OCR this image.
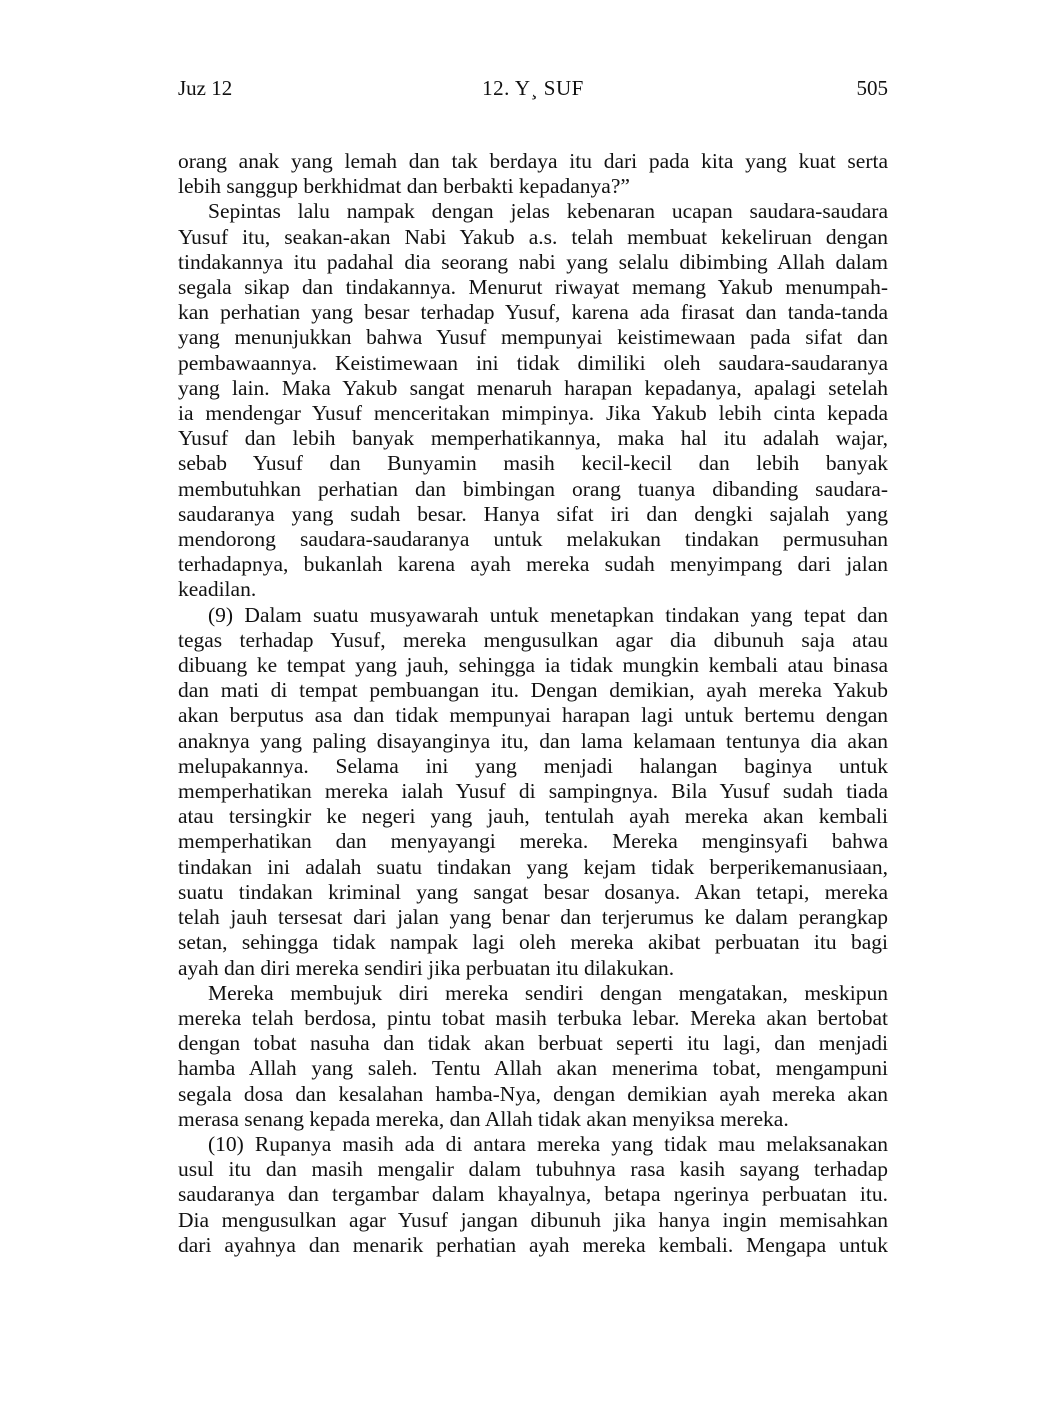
Juz 12	12. Y¸ SUF	505
orang anak yang lemah dan tak berdaya itu dari pada kita yang kuat serta
lebih sanggup berkhidmat dan berbakti kepadanya?”
Sepintas lalu nampak dengan jelas kebenaran ucapan saudara-saudara
Yusuf itu, seakan-akan Nabi Yakub a.s. telah membuat kekeliruan dengan
tindakannya itu padahal dia seorang nabi yang selalu dibimbing Allah dalam
segala sikap dan tindakannya. Menurut riwayat memang Yakub menumpah-
kan perhatian yang besar terhadap Yusuf, karena ada firasat dan tanda-tanda
yang menunjukkan bahwa Yusuf mempunyai keistimewaan pada sifat dan
pembawaannya. Keistimewaan ini tidak dimiliki oleh saudara-saudaranya
yang lain. Maka Yakub sangat menaruh harapan kepadanya, apalagi setelah
ia mendengar Yusuf menceritakan mimpinya. Jika Yakub lebih cinta kepada
Yusuf dan lebih banyak memperhatikannya, maka hal itu adalah wajar,
sebab Yusuf dan Bunyamin masih kecil-kecil dan lebih banyak
membutuhkan perhatian dan bimbingan orang tuanya dibanding saudara-
saudaranya yang sudah besar. Hanya sifat iri dan dengki sajalah yang
mendorong saudara-saudaranya untuk melakukan tindakan permusuhan
terhadapnya, bukanlah karena ayah mereka sudah menyimpang dari jalan
keadilan.
(9) Dalam suatu musyawarah untuk menetapkan tindakan yang tepat dan
tegas terhadap Yusuf, mereka mengusulkan agar dia dibunuh saja atau
dibuang ke tempat yang jauh, sehingga ia tidak mungkin kembali atau binasa
dan mati di tempat pembuangan itu. Dengan demikian, ayah mereka Yakub
akan berputus asa dan tidak mempunyai harapan lagi untuk bertemu dengan
anaknya yang paling disayanginya itu, dan lama kelamaan tentunya dia akan
melupakannya. Selama ini yang menjadi halangan baginya untuk
memperhatikan mereka ialah Yusuf di sampingnya. Bila Yusuf sudah tiada
atau tersingkir ke negeri yang jauh, tentulah ayah mereka akan kembali
memperhatikan dan menyayangi mereka. Mereka menginsyafi bahwa
tindakan ini adalah suatu tindakan yang kejam tidak berperikemanusiaan,
suatu tindakan kriminal yang sangat besar dosanya. Akan tetapi, mereka
telah jauh tersesat dari jalan yang benar dan terjerumus ke dalam perangkap
setan, sehingga tidak nampak lagi oleh mereka akibat perbuatan itu bagi
ayah dan diri mereka sendiri jika perbuatan itu dilakukan.
Mereka membujuk diri mereka sendiri dengan mengatakan, meskipun
mereka telah berdosa, pintu tobat masih terbuka lebar. Mereka akan bertobat
dengan tobat nasuha dan tidak akan berbuat seperti itu lagi, dan menjadi
hamba Allah yang saleh. Tentu Allah akan menerima tobat, mengampuni
segala dosa dan kesalahan hamba-Nya, dengan demikian ayah mereka akan
merasa senang kepada mereka, dan Allah tidak akan menyiksa mereka.
(10) Rupanya masih ada di antara mereka yang tidak mau melaksanakan
usul itu dan masih mengalir dalam tubuhnya rasa kasih sayang terhadap
saudaranya dan tergambar dalam khayalnya, betapa ngerinya perbuatan itu.
Dia mengusulkan agar Yusuf jangan dibunuh jika hanya ingin memisahkan
dari ayahnya dan menarik perhatian ayah mereka kembali. Mengapa untuk
